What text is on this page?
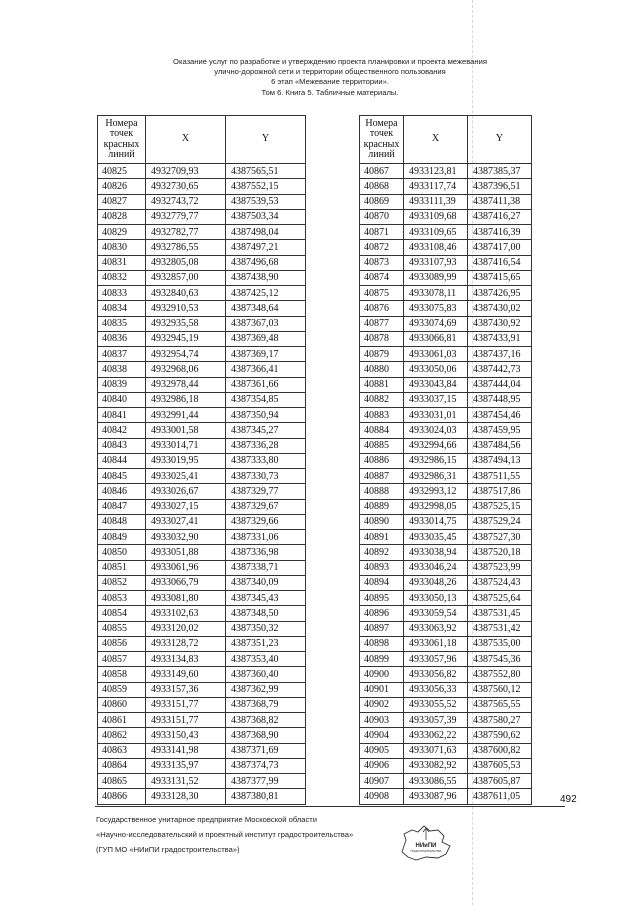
Оказание услуг по разработке и утверждению проекта планировки и проекта межевания
улично-дорожной сети и территории общественного пользования
6 этап «Межевание территории».
Том 6. Книга 5. Табличные материалы.
Номера
точек
красных
линий	X	Y
40825	4932709,93	4387565,51
40826	4932730,65	4387552,15
40827	4932743,72	4387539,53
40828	4932779,77	4387503,34
40829	4932782,77	4387498,04
40830	4932786,55	4387497,21
40831	4932805,08	4387496,68
40832	4932857,00	4387438,90
40833	4932840,63	4387425,12
40834	4932910,53	4387348,64
40835	4932935,58	4387367,03
40836	4932945,19	4387369,48
40837	4932954,74	4387369,17
40838	4932968,06	4387366,41
40839	4932978,44	4387361,66
40840	4932986,18	4387354,85
40841	4932991,44	4387350,94
40842	4933001,58	4387345,27
40843	4933014,71	4387336,28
40844	4933019,95	4387333,80
40845	4933025,41	4387330,73
40846	4933026,67	4387329,77
40847	4933027,15	4387329,67
40848	4933027,41	4387329,66
40849	4933032,90	4387331,06
40850	4933051,88	4387336,98
40851	4933061,96	4387338,71
40852	4933066,79	4387340,09
40853	4933081,80	4387345,43
40854	4933102,63	4387348,50
40855	4933120,02	4387350,32
40856	4933128,72	4387351,23
40857	4933134,83	4387353,40
40858	4933149,60	4387360,40
40859	4933157,36	4387362,99
40860	4933151,77	4387368,79
40861	4933151,77	4387368,82
40862	4933150,43	4387368,90
40863	4933141,98	4387371,69
40864	4933135,97	4387374,73
40865	4933131,52	4387377,99
40866	4933128,30	4387380,81
Номера
точек
красных
линий	X	Y
40867	4933123,81	4387385,37
40868	4933117,74	4387396,51
40869	4933111,39	4387411,38
40870	4933109,68	4387416,27
40871	4933109,65	4387416,39
40872	4933108,46	4387417,00
40873	4933107,93	4387416,54
40874	4933089,99	4387415,65
40875	4933078,11	4387426,95
40876	4933075,83	4387430,02
40877	4933074,69	4387430,92
40878	4933066,81	4387433,91
40879	4933061,03	4387437,16
40880	4933050,06	4387442,73
40881	4933043,84	4387444,04
40882	4933037,15	4387448,95
40883	4933031,01	4387454,46
40884	4933024,03	4387459,95
40885	4932994,66	4387484,56
40886	4932986,15	4387494,13
40887	4932986,31	4387511,55
40888	4932993,12	4387517,86
40889	4932998,05	4387525,15
40890	4933014,75	4387529,24
40891	4933035,45	4387527,30
40892	4933038,94	4387520,18
40893	4933046,24	4387523,99
40894	4933048,26	4387524,43
40895	4933050,13	4387525,64
40896	4933059,54	4387531,45
40897	4933063,92	4387531,42
40898	4933061,18	4387535,00
40899	4933057,96	4387545,36
40900	4933056,82	4387552,80
40901	4933056,33	4387560,12
40902	4933055,52	4387565,55
40903	4933057,39	4387580,27
40904	4933062,22	4387590,62
40905	4933071,63	4387600,82
40906	4933082,92	4387605,53
40907	4933086,55	4387605,87
40908	4933087,96	4387611,05	492
Государственное унитарное предприятие Московской области
«Научно-исследовательский и проектный институт градостроительства»
(ГУП МО «НИиПИ градостроительства»)	НИиПИ
ГРАДОСТРОИТЕЛЬСТВА
